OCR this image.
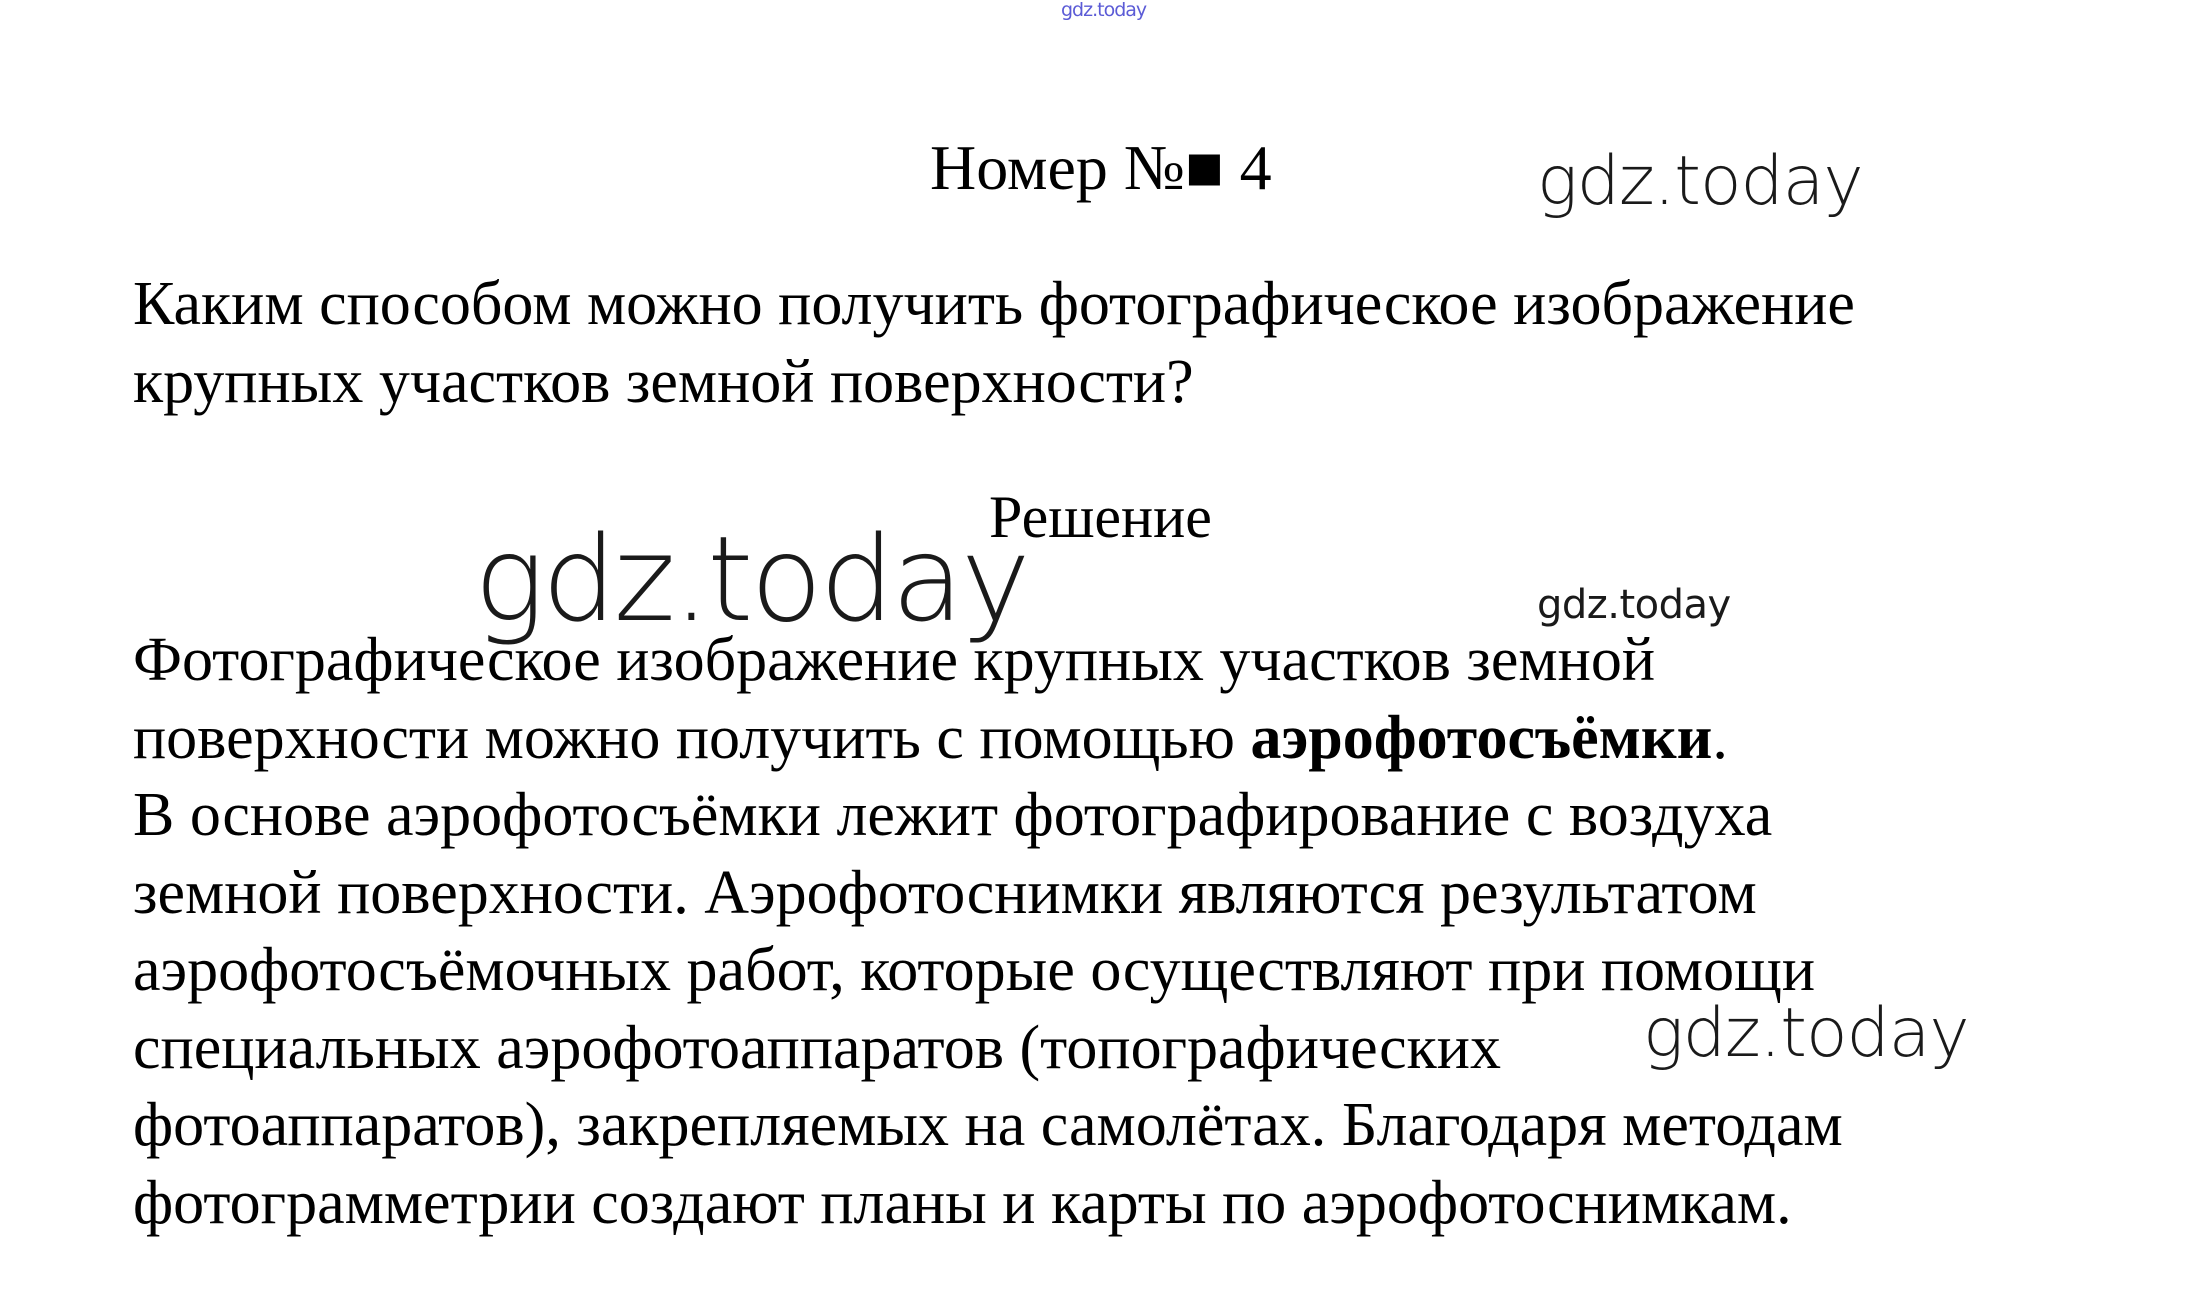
gdz.today
Номер №■ 4	gdz.today
Каким способом можно получить фотографическое изображение
крупных участков земной поверхности?
gdz.today
Решение
gdz.today
Фотографическое изображение крупных участков земной
поверхности можно получить с помощью аэрофотосъёмки.
В основе аэрофотосъёмки лежит фотографирование с воздуха
земной поверхности. Аэрофотоснимки являются результатом
аэрофотосъёмочных работ, которые осуществляют при помощи
специальных аэрофотоаппаратов (топографических
фотоаппаратов), закрепляемых на самолётах. Благодаря методам
фотограмметрии создают планы и карты по аэрофотоснимкам.
gdz.today
